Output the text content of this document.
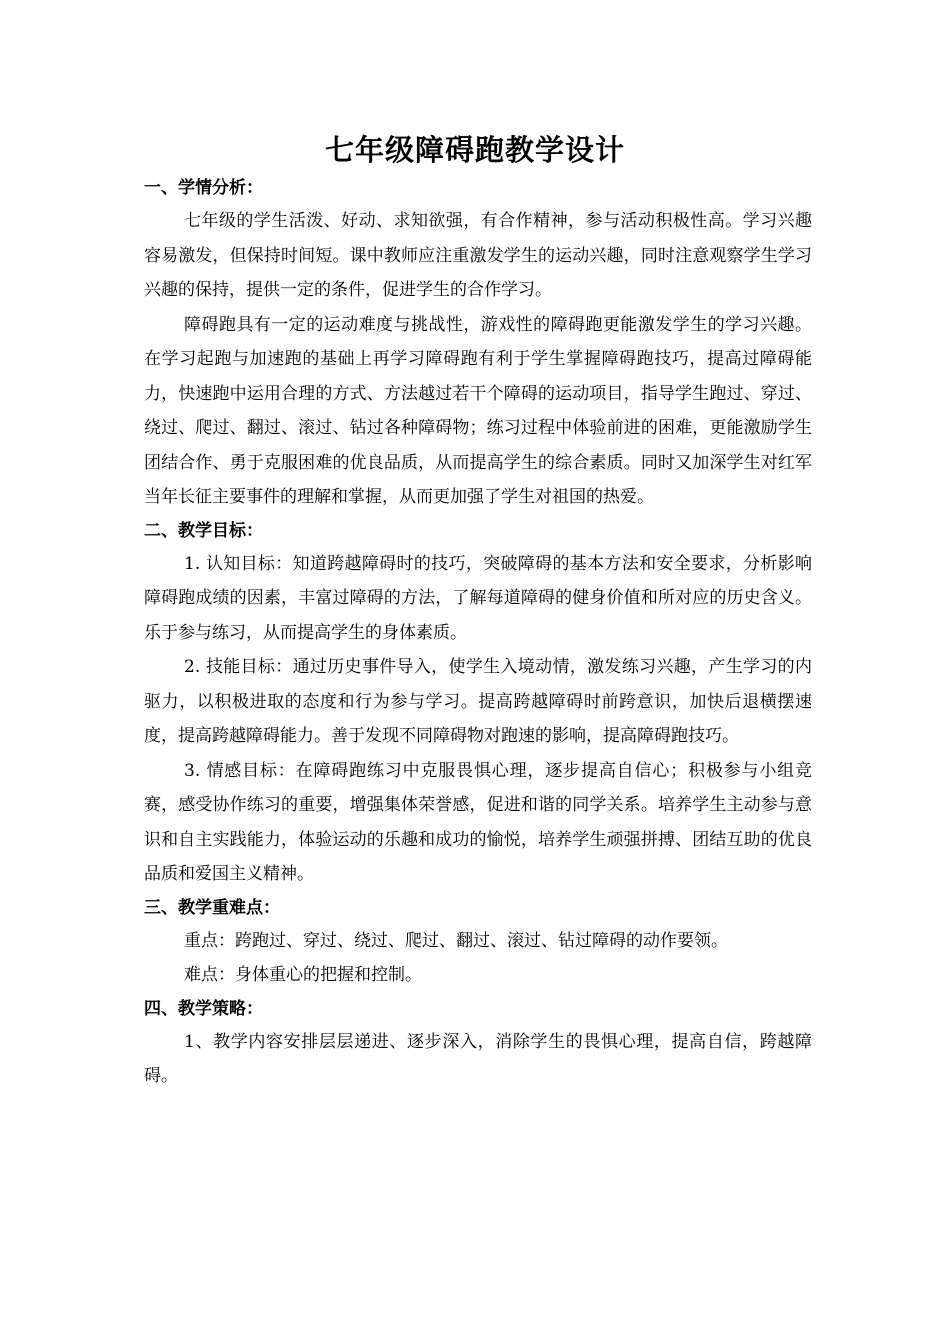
七年级障碍跑教学设计

一、学情分析：

七年级的学生活泼、好动、求知欲强，有合作精神，参与活动积极性高。学习兴趣容易激发，但保持时间短。课中教师应注重激发学生的运动兴趣，同时注意观察学生学习兴趣的保持，提供一定的条件，促进学生的合作学习。

障碍跑具有一定的运动难度与挑战性，游戏性的障碍跑更能激发学生的学习兴趣。在学习起跑与加速跑的基础上再学习障碍跑有利于学生掌握障碍跑技巧，提高过障碍能力，快速跑中运用合理的方式、方法越过若干个障碍的运动项目，指导学生跑过、穿过、绕过、爬过、翻过、滚过、钻过各种障碍物；练习过程中体验前进的困难，更能激励学生团结合作、勇于克服困难的优良品质，从而提高学生的综合素质。同时又加深学生对红军当年长征主要事件的理解和掌握，从而更加强了学生对祖国的热爱。

二、教学目标：

1. 认知目标：知道跨越障碍时的技巧，突破障碍的基本方法和安全要求，分析影响障碍跑成绩的因素，丰富过障碍的方法，了解每道障碍的健身价值和所对应的历史含义。乐于参与练习，从而提高学生的身体素质。

2. 技能目标：通过历史事件导入，使学生入境动情，激发练习兴趣，产生学习的内驱力，以积极进取的态度和行为参与学习。提高跨越障碍时前跨意识，加快后退横摆速度，提高跨越障碍能力。善于发现不同障碍物对跑速的影响，提高障碍跑技巧。

3. 情感目标：在障碍跑练习中克服畏惧心理，逐步提高自信心；积极参与小组竞赛，感受协作练习的重要，增强集体荣誉感，促进和谐的同学关系。培养学生主动参与意识和自主实践能力，体验运动的乐趣和成功的愉悦，培养学生顽强拼搏、团结互助的优良品质和爱国主义精神。

三、教学重难点：

重点：跨跑过、穿过、绕过、爬过、翻过、滚过、钻过障碍的动作要领。

难点：身体重心的把握和控制。

四、教学策略：

1、教学内容安排层层递进、逐步深入，消除学生的畏惧心理，提高自信，跨越障碍。
